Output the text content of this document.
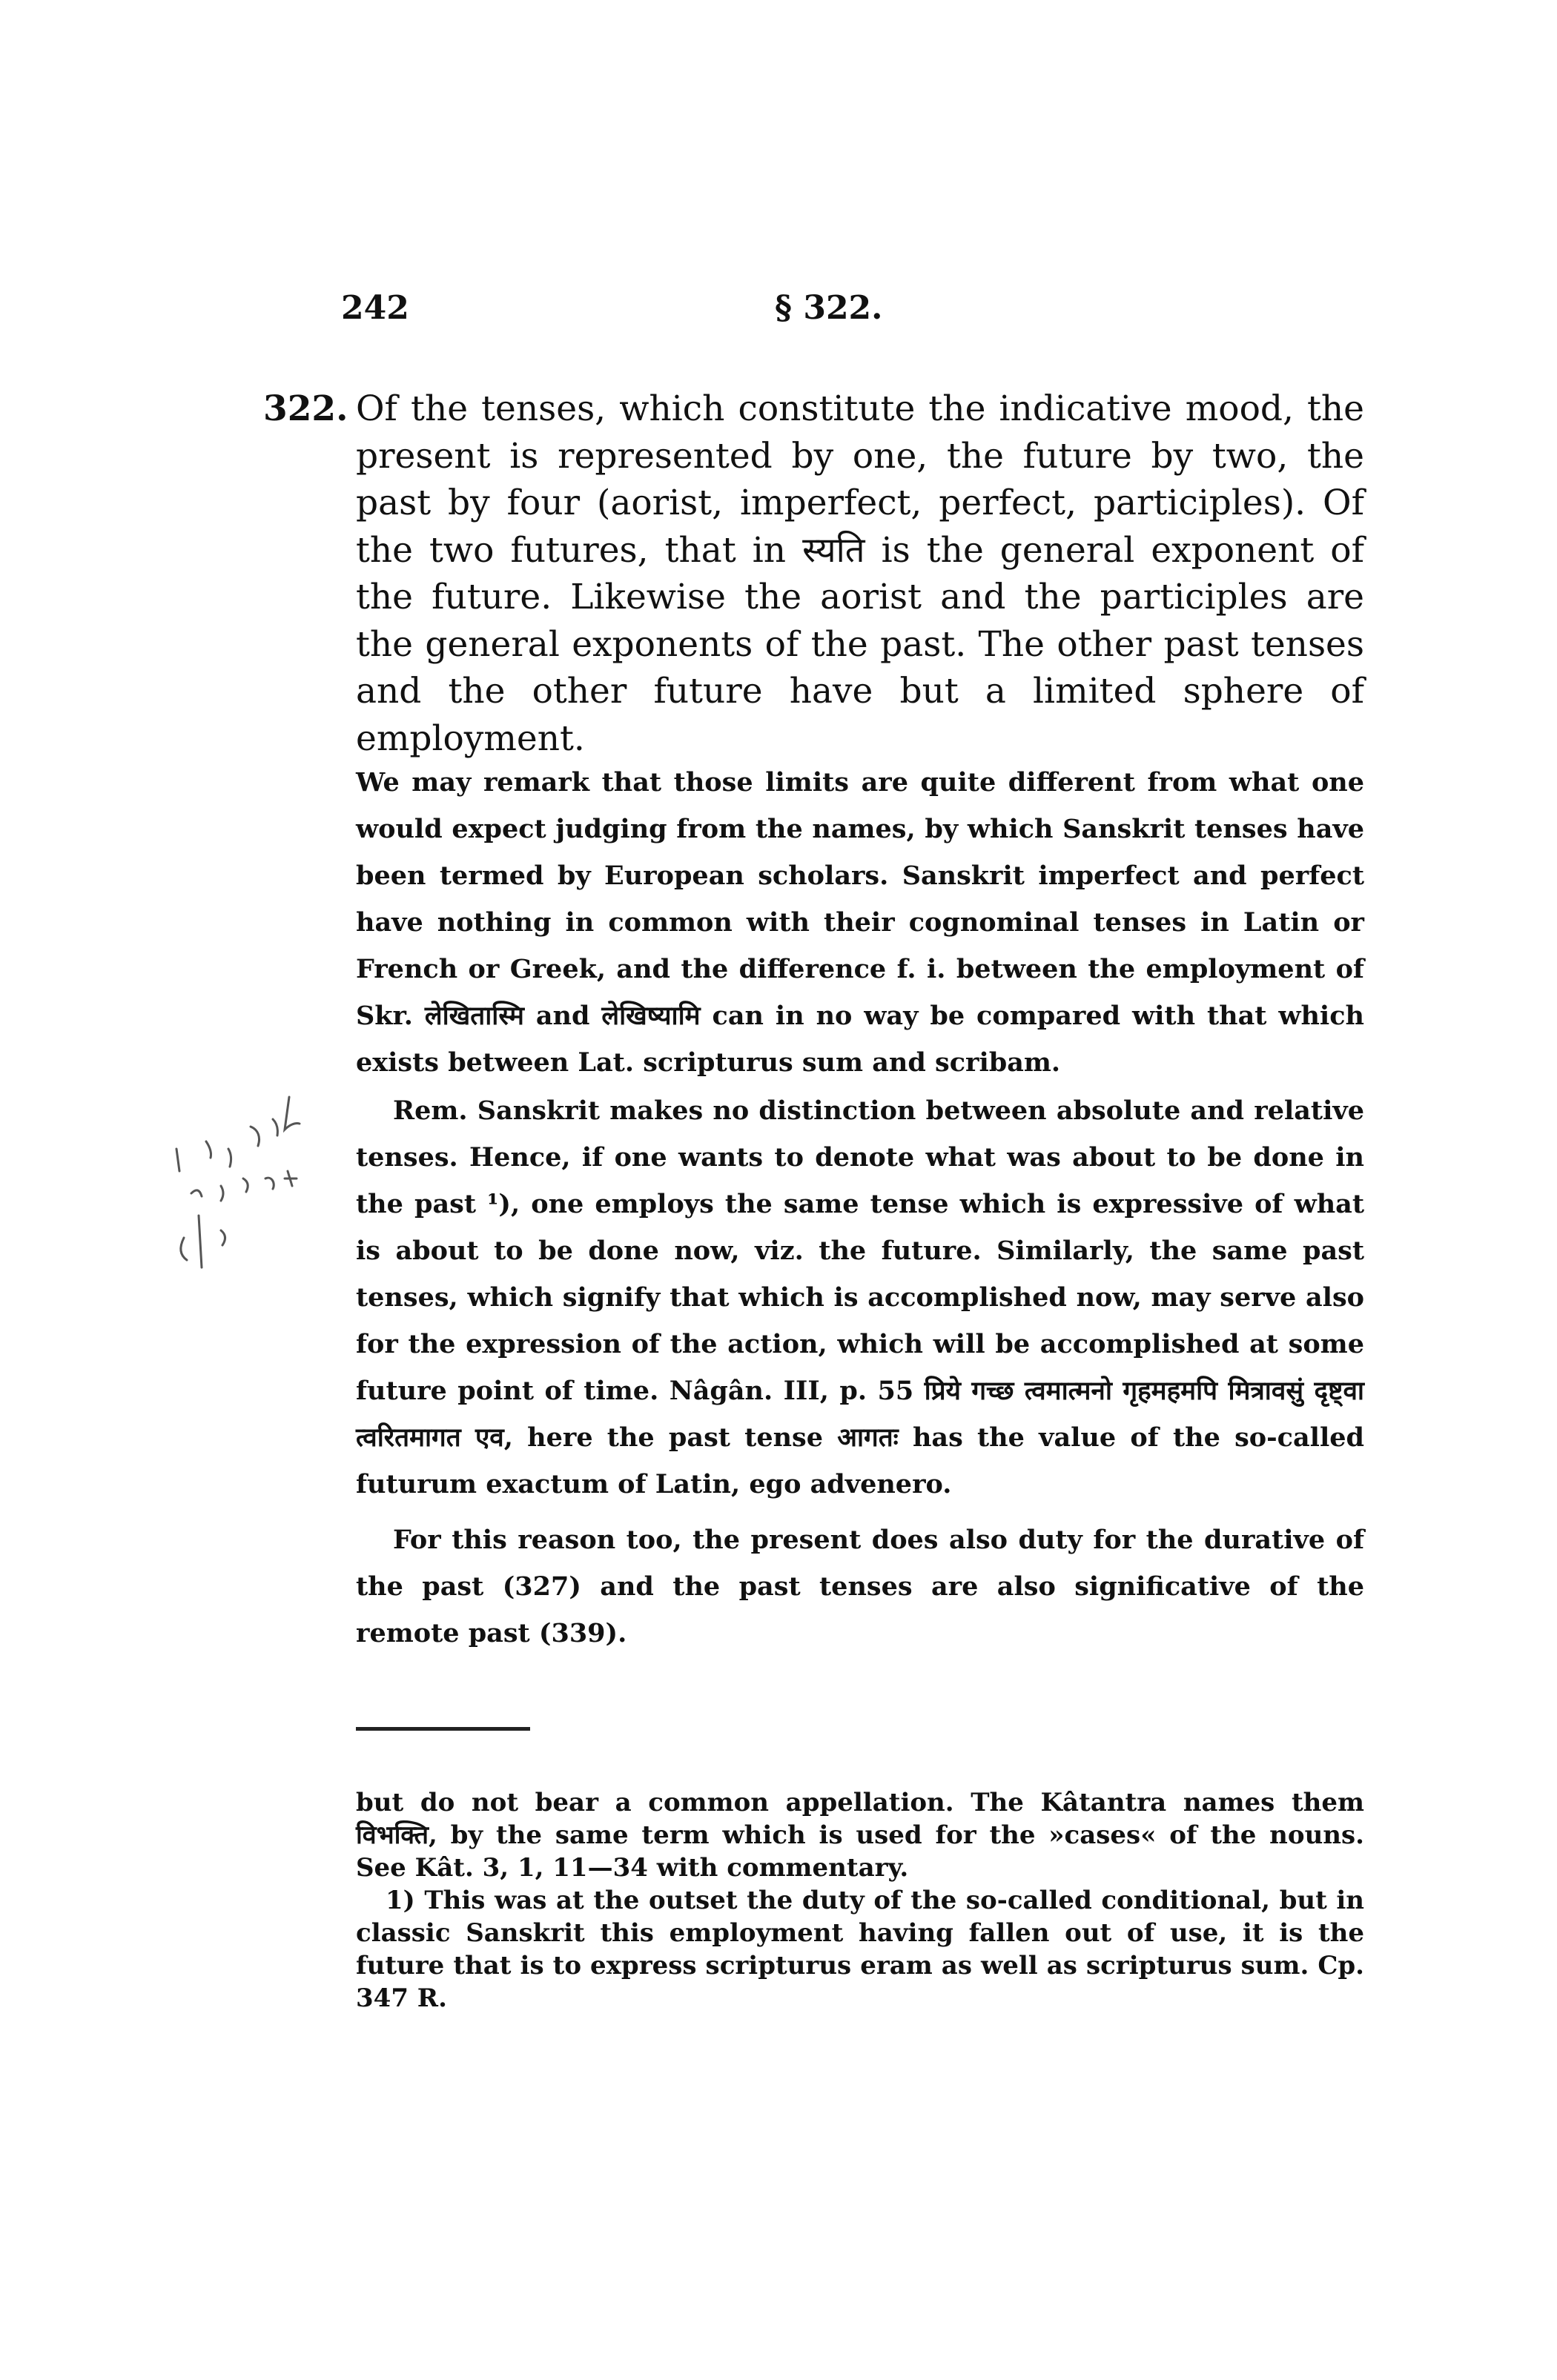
242	§ 322.
322. Of the tenses, which constitute the indicative mood, the present is represented by one, the future by two, the past by four (aorist, imperfect, perfect, participles). Of the two futures, that in स्यति is the general exponent of the future. Likewise the aorist and the participles are the general exponents of the past. The other past tenses and the other future have but a limited sphere of employment.

We may remark that those limits are quite different from what one would expect judging from the names, by which Sanskrit tenses have been termed by European scholars. Sanskrit imperfect and perfect have nothing in common with their cognominal tenses in Latin or French or Greek, and the difference f. i. between the employment of Skr. लेखितास्मि and लेखिष्यामि can in no way be compared with that which exists between Lat. scripturus sum and scribam.

Rem. Sanskrit makes no distinction between absolute and relative tenses. Hence, if one wants to denote what was about to be done in the past ¹), one employs the same tense which is expressive of what is about to be done now, viz. the future. Similarly, the same past tenses, which signify that which is accomplished now, may serve also for the expression of the action, which will be accomplished at some future point of time. Nâgân. III, p. 55 प्रिये गच्छ त्वमात्मनो गृहमहमपि मित्रावसुं दृष्ट्वा त्वरितमागत एव, here the past tense आगतः has the value of the so-called futurum exactum of Latin, ego advenero.

For this reason too, the present does also duty for the durative of the past (327) and the past tenses are also significative of the remote past (339).

but do not bear a common appellation. The Kâtantra names them विभक्ति, by the same term which is used for the »cases« of the nouns. See Kât. 3, 1, 11—34 with commentary.

1) This was at the outset the duty of the so-called conditional, but in classic Sanskrit this employment having fallen out of use, it is the future that is to express scripturus eram as well as scripturus sum. Cp. 347 R.
